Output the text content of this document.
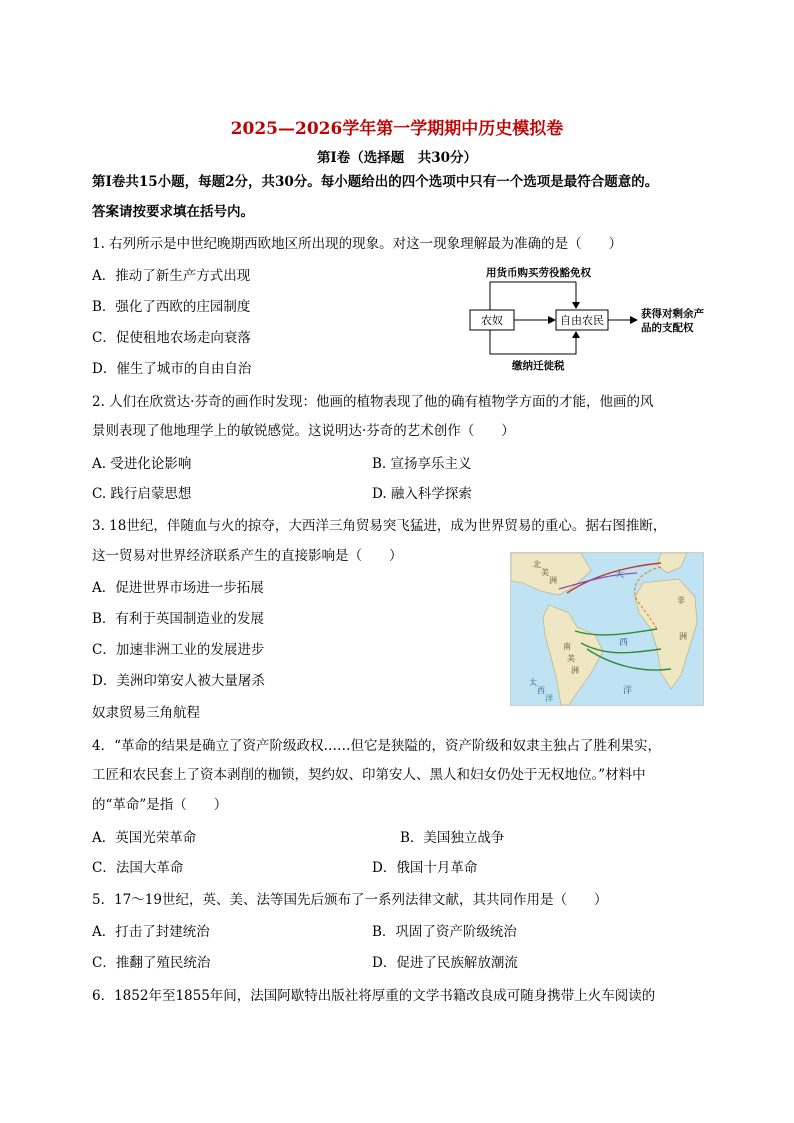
2025—2026学年第一学期期中历史模拟卷
第Ⅰ卷（选择题　共30分）
第Ⅰ卷共15小题，每题2分，共30分。每小题给出的四个选项中只有一个选项是最符合题意的。
答案请按要求填在括号内。
1. 右列所示是中世纪晚期西欧地区所出现的现象。对这一现象理解最为准确的是（　　）
A．推动了新生产方式出现
B．强化了西欧的庄园制度
C．促使租地农场走向衰落
D．催生了城市的自由自治
用货币购买劳役豁免权
农奴	自由农民	获得对剩余产
品的支配权
缴纳迁徙税
2. 人们在欣赏达·芬奇的画作时发现：他画的植物表现了他的确有植物学方面的才能，他画的风
景则表现了他地理学上的敏锐感觉。这说明达·芬奇的艺术创作（　　）
A. 受进化论影响	B. 宣扬享乐主义
C. 践行启蒙思想	D. 融入科学探索
3. 18世纪，伴随血与火的掠夺，大西洋三角贸易突飞猛进，成为世界贸易的重心。据右图推断，
这一贸易对世界经济联系产生的直接影响是（　　）
A．促进世界市场进一步拓展
B．有利于英国制造业的发展
C．加速非洲工业的发展进步
D．美洲印第安人被大量屠杀
奴隶贸易三角航程
大
西
洋
北
美
洲
非
洲
南
美
洲
太
西
洋
4．“革命的结果是确立了资产阶级政权……但它是狭隘的，资产阶级和奴隶主独占了胜利果实，
工匠和农民套上了资本剥削的枷锁，契约奴、印第安人、黑人和妇女仍处于无权地位。”材料中
的“革命”是指（　　）
A．英国光荣革命	B．美国独立战争
C．法国大革命	D．俄国十月革命
5．17～19世纪，英、美、法等国先后颁布了一系列法律文献，其共同作用是（　　）
A．打击了封建统治	B．巩固了资产阶级统治
C．推翻了殖民统治	D．促进了民族解放潮流
6．1852年至1855年间，法国阿歇特出版社将厚重的文学书籍改良成可随身携带上火车阅读的
